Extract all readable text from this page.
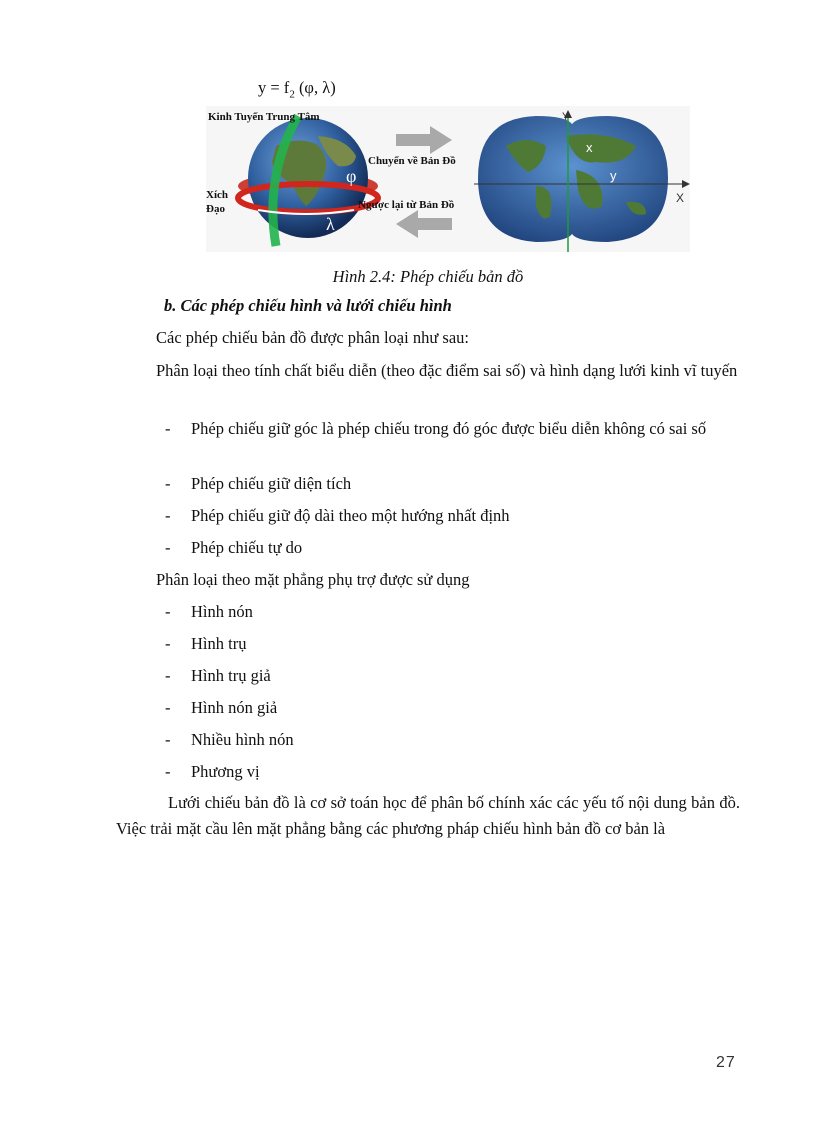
$y = f_2$ (φ, λ)
Kinh Tuyến Trung Tâm
Xích
Đạo
φ
λ
Chuyển về Bản Đồ
Ngược lại từ Bản Đồ	X
Y
x
y
Hình 2.4: Phép chiếu bản đồ
b. Các phép chiếu hình và lưới chiếu hình
Các phép chiếu bản đồ được phân loại như sau:
Phân loại theo tính chất biểu diễn (theo đặc điểm sai số) và hình dạng lưới kinh vĩ tuyến
-	Phép chiếu giữ góc là phép chiếu trong đó góc được biểu diễn không có sai số
-	Phép chiếu giữ diện tích
-	Phép chiếu giữ độ dài theo một hướng nhất định
-	Phép chiếu tự do
Phân loại theo mặt phẳng phụ trợ được sử dụng
-	Hình nón
-	Hình trụ
-	Hình trụ giả
-	Hình nón giả
-	Nhiều hình nón
-	Phương vị
Lưới chiếu bản đồ là cơ sở toán học để phân bố chính xác các yếu tố nội dung bản đồ. Việc trải mặt cầu lên mặt phẳng bằng các phương pháp chiếu hình bản đồ cơ bản là
27
